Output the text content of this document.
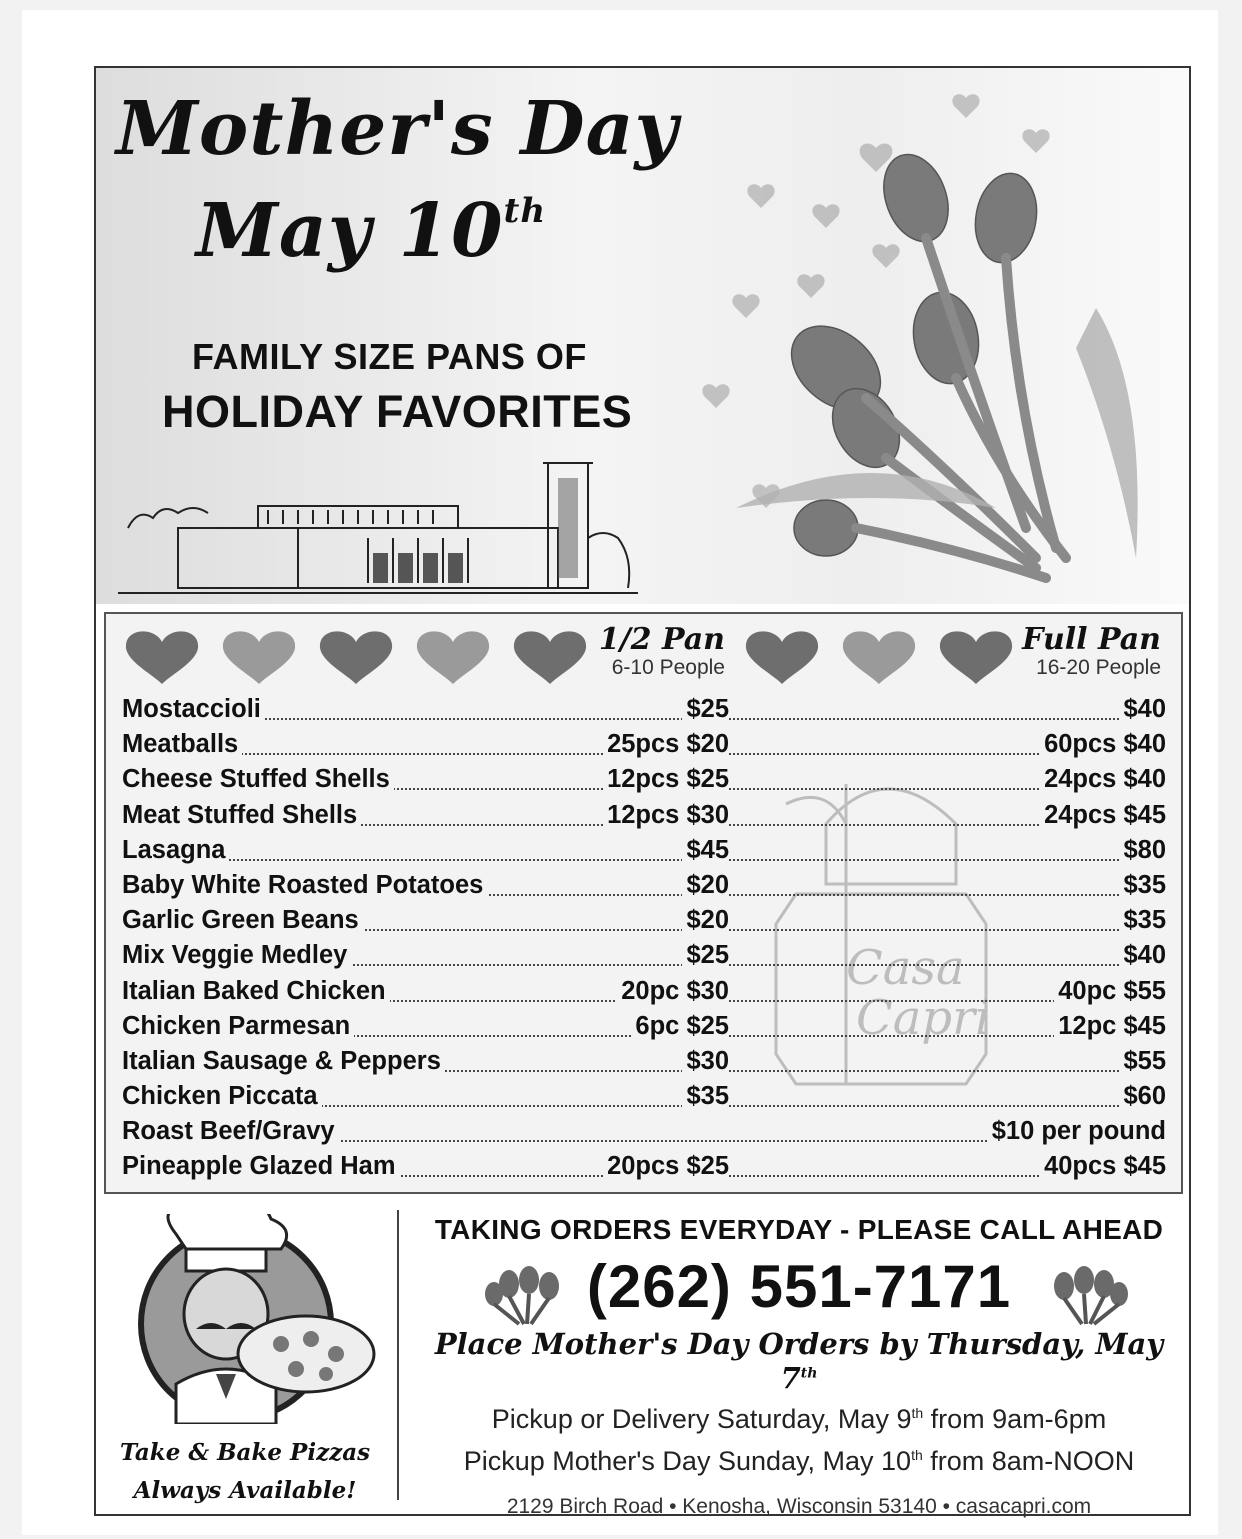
Mother's Day
May 10th
FAMILY SIZE PANS OF
HOLIDAY FAVORITES
1/2 Pan
6-10 People
Full Pan
16-20 People
Casa
Capri
Mostaccioli	$25	$40
Meatballs	25pcs $20	60pcs $40
Cheese Stuffed Shells	12pcs $25	24pcs $40
Meat Stuffed Shells	12pcs $30	24pcs $45
Lasagna	$45	$80
Baby White Roasted Potatoes	$20	$35
Garlic Green Beans	$20	$35
Mix Veggie Medley	$25	$40
Italian Baked Chicken	20pc $30	40pc $55
Chicken Parmesan	6pc $25	12pc $45
Italian Sausage & Peppers	$30	$55
Chicken Piccata	$35	$60
Roast Beef/Gravy	$10 per pound
Pineapple Glazed Ham	20pcs $25	40pcs $45
Take & Bake Pizzas
Always Available!
TAKING ORDERS EVERYDAY - PLEASE CALL AHEAD
(262) 551-7171
Place Mother's Day Orders by Thursday, May 7th
Pickup or Delivery Saturday, May 9th from 9am-6pm
Pickup Mother's Day Sunday, May 10th from 8am-NOON
2129 Birch Road • Kenosha, Wisconsin 53140 • casacapri.com
